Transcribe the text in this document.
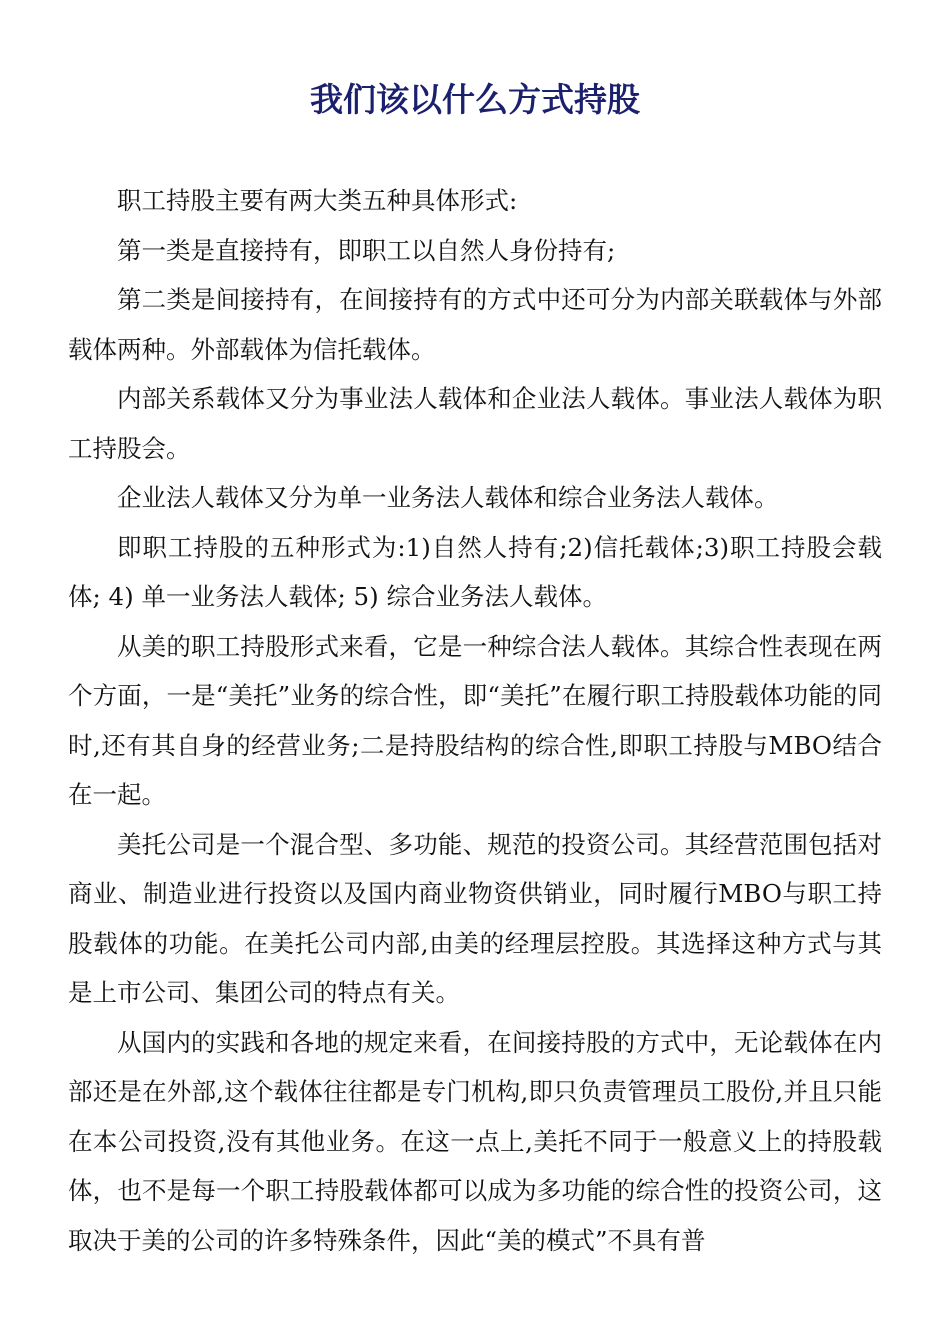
我们该以什么方式持股

职工持股主要有两大类五种具体形式:

第一类是直接持有，即职工以自然人身份持有;

第二类是间接持有，在间接持有的方式中还可分为内部关联载体与外部载体两种。外部载体为信托载体。

内部关系载体又分为事业法人载体和企业法人载体。事业法人载体为职工持股会。

企业法人载体又分为单一业务法人载体和综合业务法人载体。

即职工持股的五种形式为:1)自然人持有;2)信托载体;3)职工持股会载体; 4) 单一业务法人载体; 5) 综合业务法人载体。

从美的职工持股形式来看，它是一种综合法人载体。其综合性表现在两个方面，一是“美托”业务的综合性，即“美托”在履行职工持股载体功能的同时,还有其自身的经营业务;二是持股结构的综合性,即职工持股与MBO结合在一起。

美托公司是一个混合型、多功能、规范的投资公司。其经营范围包括对商业、制造业进行投资以及国内商业物资供销业，同时履行MBO与职工持股载体的功能。在美托公司内部,由美的经理层控股。其选择这种方式与其是上市公司、集团公司的特点有关。

从国内的实践和各地的规定来看，在间接持股的方式中，无论载体在内部还是在外部,这个载体往往都是专门机构,即只负责管理员工股份,并且只能在本公司投资,没有其他业务。在这一点上,美托不同于一般意义上的持股载体，也不是每一个职工持股载体都可以成为多功能的综合性的投资公司，这取决于美的公司的许多特殊条件，因此“美的模式”不具有普
